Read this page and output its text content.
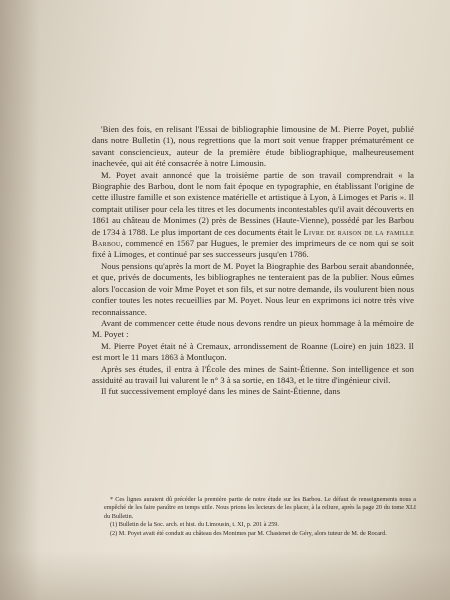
'Bien des fois, en relisant l'Essai de bibliographie limousine de M. Pierre Poyet, publié dans notre Bulletin (1), nous regrettions que la mort soit venue frapper prématurément ce savant consciencieux, auteur de la première étude bibliographique, malheureusement inachevée, qui ait été consacrée à notre Limousin.

M. Poyet avait annoncé que la troisième partie de son travail comprendrait « la Biographie des Barbou, dont le nom fait époque en typographie, en établissant l'origine de cette illustre famille et son existence matérielle et artistique à Lyon, à Limoges et Paris ». Il comptait utiliser pour cela les titres et les documents incontestables qu'il avait découverts en 1861 au château de Monimes (2) près de Bessines (Haute-Vienne), possédé par les Barbou de 1734 à 1788. Le plus important de ces documents était le Livre de raison de la famille Barbou, commencé en 1567 par Hugues, le premier des imprimeurs de ce nom qui se soit fixé à Limoges, et continué par ses successeurs jusqu'en 1786.

Nous pensions qu'après la mort de M. Poyet la Biographie des Barbou serait abandonnée, et que, privés de documents, les bibliographes ne tenteraient pas de la publier. Nous eûmes alors l'occasion de voir Mme Poyet et son fils, et sur notre demande, ils voulurent bien nous confier toutes les notes recueillies par M. Poyet. Nous leur en exprimons ici notre très vive reconnaissance.

Avant de commencer cette étude nous devons rendre un pieux hommage à la mémoire de M. Poyet :

M. Pierre Poyet était né à Cremaux, arrondissement de Roanne (Loire) en juin 1823. Il est mort le 11 mars 1863 à Montluçon.

Après ses études, il entra à l'École des mines de Saint-Étienne. Son intelligence et son assiduité au travail lui valurent le n° 3 à sa sortie, en 1843, et le titre d'ingénieur civil.

Il fut successivement employé dans les mines de Saint-Étienne, dans

* Ces lignes auraient dû précéder la première partie de notre étude sur les Barbou. Le défaut de renseignements nous a empêché de les faire paraître en temps utile. Nous prions les lecteurs de les placer, à la reliure, après la page 20 du tome XLI du Bulletin.

(1) Bulletin de la Soc. arch. et hist. du Limousin, t. XI, p. 201 à 259.

(2) M. Poyet avait été conduit au château des Monimes par M. Chastenet de Géry, alors tuteur de M. de Rocard.
